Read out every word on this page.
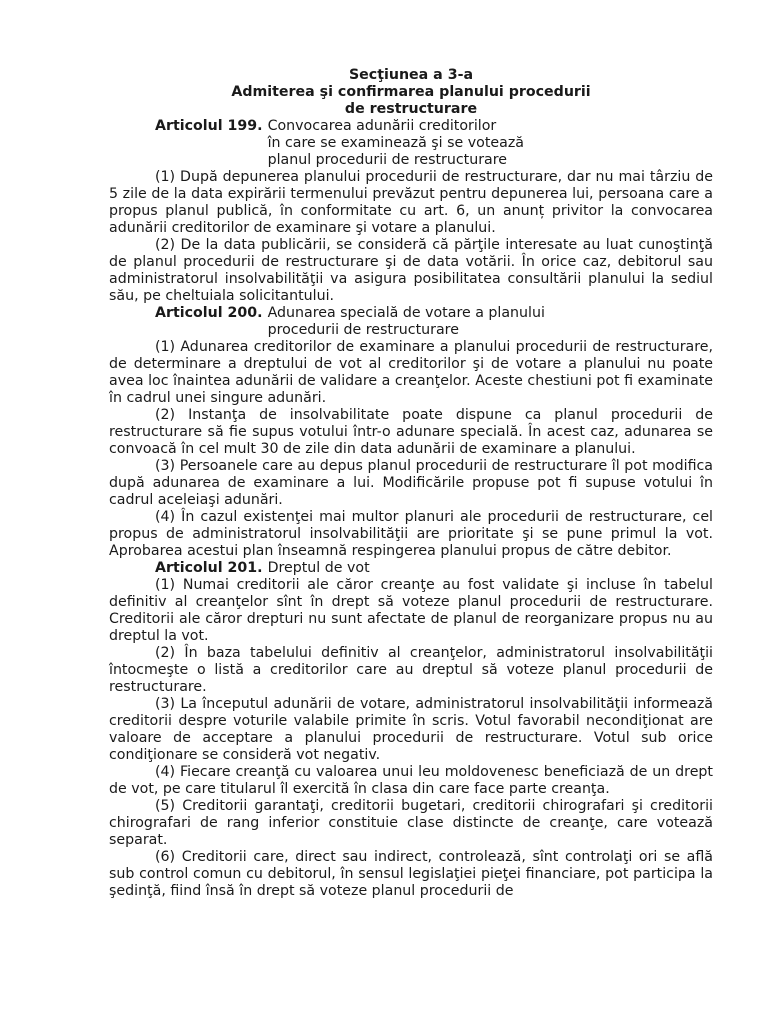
Secţiunea a 3-a

Admiterea şi confirmarea planului procedurii

de restructurare

Articolul 199. Convocarea adunării creditorilor
în care se examinează şi se votează
planul procedurii de restructurare

(1) După depunerea planului procedurii de restructurare, dar nu mai târziu de 5 zile de la data expirării termenului prevăzut pentru depunerea lui, persoana care a propus planul publică, în conformitate cu art. 6, un anunț privitor la convocarea adunării creditorilor de examinare şi votare a planului.

(2) De la data publicării, se consideră că părţile interesate au luat cunoştinţă de planul procedurii de restructurare şi de data votării. În orice caz, debitorul sau administratorul insolvabilităţii va asigura posibilitatea consultării planului la sediul său, pe cheltuiala solicitantului.

Articolul 200. Adunarea specială de votare a planului
procedurii de restructurare

(1) Adunarea creditorilor de examinare a planului procedurii de restructurare, de determinare a dreptului de vot al creditorilor şi de votare a planului nu poate avea loc înaintea adunării de validare a creanţelor. Aceste chestiuni pot fi examinate în cadrul unei singure adunări.

(2) Instanţa de insolvabilitate poate dispune ca planul procedurii de restructurare să fie supus votului într-o adunare specială. În acest caz, adunarea se convoacă în cel mult 30 de zile din data adunării de examinare a planului.

(3) Persoanele care au depus planul procedurii de restructurare îl pot modifica după adunarea de examinare a lui. Modificările propuse pot fi supuse votului în cadrul aceleiaşi adunări.

(4) În cazul existenţei mai multor planuri ale procedurii de restructurare, cel propus de administratorul insolvabilităţii are prioritate şi se pune primul la vot. Aprobarea acestui plan înseamnă respingerea planului propus de către debitor.

Articolul 201. Dreptul de vot

(1) Numai creditorii ale căror creanţe au fost validate şi incluse în tabelul definitiv al creanţelor sînt în drept să voteze planul procedurii de restructurare. Creditorii ale căror drepturi nu sunt afectate de planul de reorganizare propus nu au dreptul la vot.

(2) În baza tabelului definitiv al creanţelor, administratorul insolvabilităţii întocmeşte o listă a creditorilor care au dreptul să voteze planul procedurii de restructurare.

(3) La începutul adunării de votare, administratorul insolvabilităţii informează creditorii despre voturile valabile primite în scris. Votul favorabil necondiţionat are valoare de acceptare a planului procedurii de restructurare. Votul sub orice condiţionare se consideră vot negativ.

(4) Fiecare creanţă cu valoarea unui leu moldovenesc beneficiază de un drept de vot, pe care titularul îl exercită în clasa din care face parte creanţa.

(5) Creditorii garantaţi, creditorii bugetari, creditorii chirografari şi creditorii chirografari de rang inferior constituie clase distincte de creanţe, care votează separat.

(6) Creditorii care, direct sau indirect, controlează, sînt controlaţi ori se află sub control comun cu debitorul, în sensul legislaţiei pieţei financiare, pot participa la şedinţă, fiind însă în drept să voteze planul procedurii de
